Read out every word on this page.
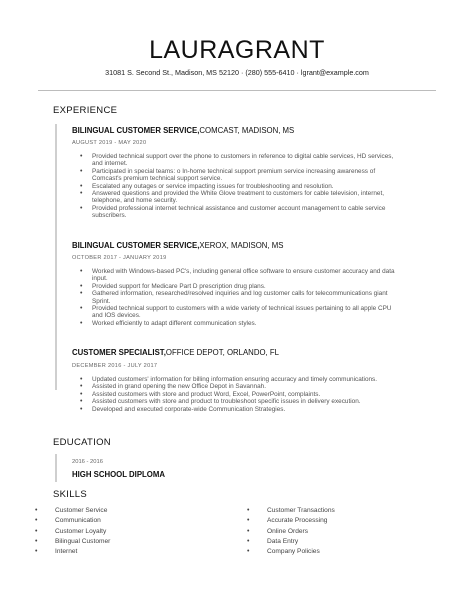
LAURAGRANT
31081 S. Second St., Madison, MS 52120 · (280) 555-6410 · lgrant@example.com
EXPERIENCE
BILINGUAL CUSTOMER SERVICE,COMCAST, MADISON, MS
AUGUST 2019 - MAY 2020
• Provided technical support over the phone to customers in reference to digital cable services, HD services, and internet.
• Participated in special teams: o In-home technical support premium service increasing awareness of Comcast's premium technical support service.
• Escalated any outages or service impacting issues for troubleshooting and resolution.
• Answered questions and provided the White Glove treatment to customers for cable television, internet, telephone, and home security.
• Provided professional internet technical assistance and customer account management to cable service subscribers.
BILINGUAL CUSTOMER SERVICE,XEROX, MADISON, MS
OCTOBER 2017 - JANUARY 2019
• Worked with Windows-based PC's, including general office software to ensure customer accuracy and data input.
• Provided support for Medicare Part D prescription drug plans.
• Gathered information, researched/resolved inquiries and log customer calls for telecommunications giant Sprint.
• Provided technical support to customers with a wide variety of technical issues pertaining to all apple CPU and IOS devices.
• Worked efficiently to adapt different communication styles.
CUSTOMER SPECIALIST,OFFICE DEPOT, ORLANDO, FL
DECEMBER 2016 - JULY 2017
• Updated customers' information for billing information ensuring accuracy and timely communications.
• Assisted in grand opening the new Office Depot in Savannah.
• Assisted customers with store and product Word, Excel, PowerPoint, complaints.
• Assisted customers with store and product to troubleshoot specific issues in delivery execution.
• Developed and executed corporate-wide Communication Strategies.
EDUCATION
2016 - 2016
HIGH SCHOOL DIPLOMA
SKILLS
• Customer Service
• Communication
• Customer Loyalty
• Bilingual Customer
• Internet
• Customer Transactions
• Accurate Processing
• Online Orders
• Data Entry
• Company Policies
